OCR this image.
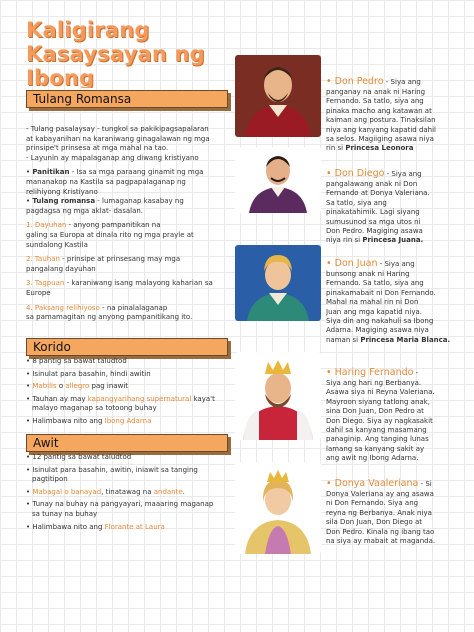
Kaligirang
Kasaysayan ng Ibong
Tulang Romansa
- Tulang pasalaysay - tungkol sa pakikipagsapalaran
at kabayanihan na karaniwang ginagalawan ng mga
prinsipe't prinsesa at mga mahal na tao.
- Layunin ay mapalaganap ang diwang kristiyano
• Panitikan - Isa sa mga paraang ginamit ng mga
mananakop na Kastila sa pagpapalaganap ng
relihiyong Kristiyano
• Tulang romansa - lumaganap kasabay ng
pagdagsa ng mga aklat- dasalan.
1. Dayuhan - anyong pampanitikan na
galing sa Europa at dinala rito ng mga prayle at
sundalong Kastila
2. Tauhan - prinsipe at prinsesang may mga
pangalang dayuhan
3. Tagpuan - karaniwang isang malayong kaharian sa
Europe
4. Paksang relihiyoso - na pinalalaganap
sa pamamagitan ng anyong pampanitikang ito.
Korido
• 8 pantig sa bawat taludtod
• Isinulat para basahin, hindi awitin
• Mabilis o allegro pag inawit
• Tauhan ay may kapangyarihang supernatural kaya't
malayo maganap sa totoong buhay
• Halimbawa nito ang Ibong Adarna
Awit
• 12 pantig sa bawat taludtod
• Isinulat para basahin, awitin, iniawit sa tanging
pagtitipon
• Mabagal o banayad, tinatawag na andante.
• Tunay na buhay na pangyayari, maaaring maganap
sa tunay na buhay
• Halimbawa nito ang Florante at Laura
• Don Pedro - Siya ang
panganay na anak ni Haring
Fernando. Sa tatlo, siya ang
pinaka macho ang katawan at
kaiman ang postura. Tinaksilan
niya ang kanyang kapatid dahil
sa selos. Magiiging asawa niya
rin si Princesa Leonora
• Don Diego - Siya ang
pangalawang anak ni Don
Fernando at Donya Valeriana.
Sa tatlo, siya ang
pinakatahimik. Lagi siyang
sumusunod sa mga utos ni
Don Pedro. Magiging asawa
niya rin si Princesa Juana.
• Don Juan - Siya ang
bunsong anak ni Haring
Fernando. Sa tatlo, siya ang
pinakamabait ni Don Fernando.
Mahal na mahal rin ni Don
Juan ang mga kapatid niya.
Siya din ang nakahuli sa Ibong
Adarna. Magiging asawa niya
naman si Princesa Maria Blanca.
• Haring Fernando -
Siya ang hari ng Berbanya.
Asawa siya ni Reyna Valeriana.
Mayroon siyang tatlong anak,
sina Don Juan, Don Pedro at
Don Diego. Siya ay nagkasakit
dahil sa kanyang masamang
panaginip. Ang tanging lunas
lamang sa kanyang sakit ay
ang awit ng Ibong Adarna.
• Donya Vaaleriana - Si
Donya Valeriana ay ang asawa
ni Don Fernando. Siya ang
reyna ng Berbanya. Anak niya
sila Don Juan, Don Diego at
Don Pedro. Kinala ng ibang tao
na siya ay mabait at maganda.
